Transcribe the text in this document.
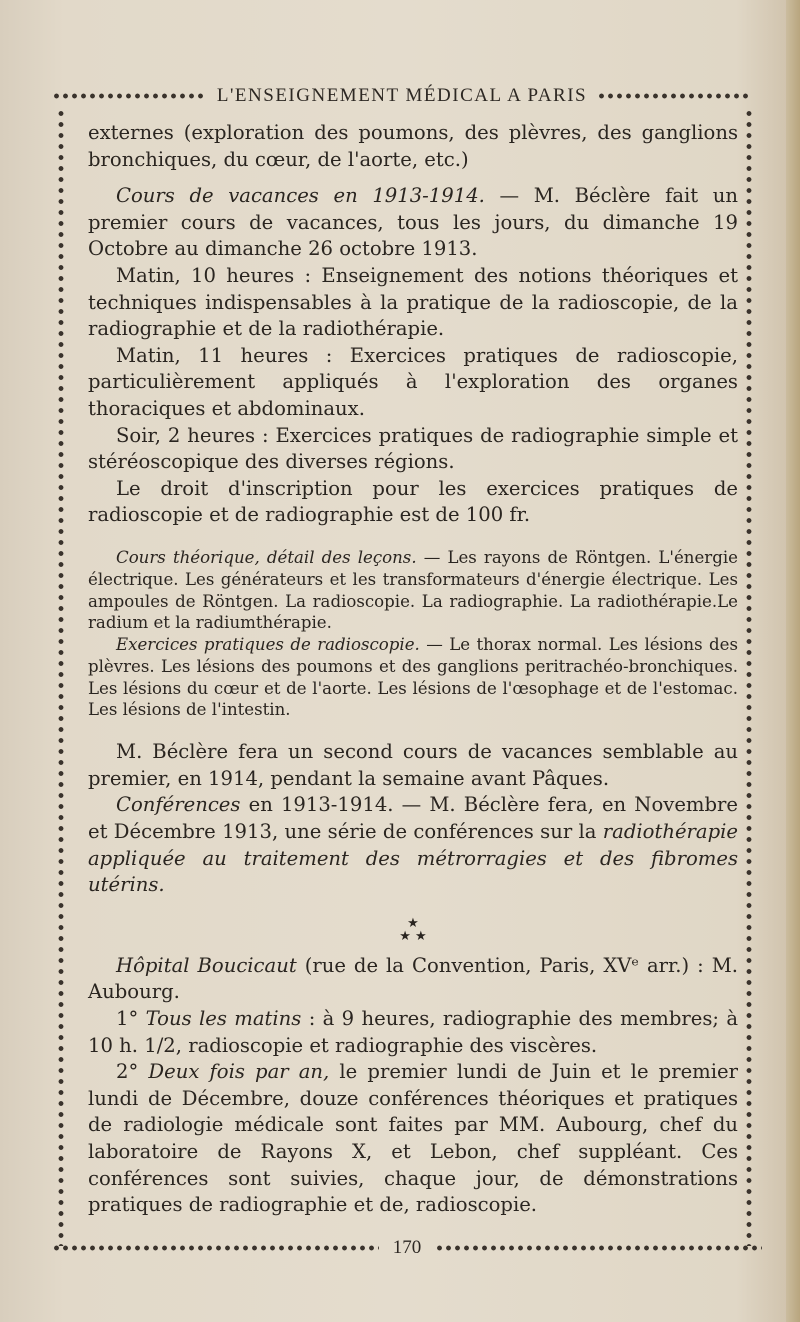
L'ENSEIGNEMENT MÉDICAL A PARIS

externes (exploration des poumons, des plèvres, des ganglions bronchiques, du cœur, de l'aorte, etc.)

Cours de vacances en 1913-1914. — M. Béclère fait un premier cours de vacances, tous les jours, du dimanche 19 Octobre au dimanche 26 octobre 1913.

Matin, 10 heures : Enseignement des notions théoriques et techniques indispensables à la pratique de la radioscopie, de la radiographie et de la radiothérapie.

Matin, 11 heures : Exercices pratiques de radioscopie, particulièrement appliqués à l'exploration des organes thoraciques et abdominaux.

Soir, 2 heures : Exercices pratiques de radiographie simple et stéréoscopique des diverses régions.

Le droit d'inscription pour les exercices pratiques de radioscopie et de radiographie est de 100 fr.

Cours théorique, détail des leçons. — Les rayons de Röntgen. L'énergie électrique. Les générateurs et les transformateurs d'énergie électrique. Les ampoules de Röntgen. La radioscopie. La radiographie. La radiothérapie.Le radium et la radiumthérapie.

Exercices pratiques de radioscopie. — Le thorax normal. Les lésions des plèvres. Les lésions des poumons et des ganglions peritrachéo-bronchiques. Les lésions du cœur et de l'aorte. Les lésions de l'œsophage et de l'estomac. Les lésions de l'intestin.

M. Béclère fera un second cours de vacances semblable au premier, en 1914, pendant la semaine avant Pâques.

Conférences en 1913-1914. — M. Béclère fera, en Novembre et Décembre 1913, une série de conférences sur la radiothérapie appliquée au traitement des métrorragies et des fibromes utérins.

★
★ ★

Hôpital Boucicaut (rue de la Convention, Paris, XVᵉ arr.) : M. Aubourg.

1° Tous les matins : à 9 heures, radiographie des membres; à 10 h. 1/2, radioscopie et radiographie des viscères.

2° Deux fois par an, le premier lundi de Juin et le premier lundi de Décembre, douze conférences théoriques et pratiques de radiologie médicale sont faites par MM. Aubourg, chef du laboratoire de Rayons X, et Lebon, chef suppléant. Ces conférences sont suivies, chaque jour, de démonstrations pratiques de radiographie et de, radioscopie.

170
